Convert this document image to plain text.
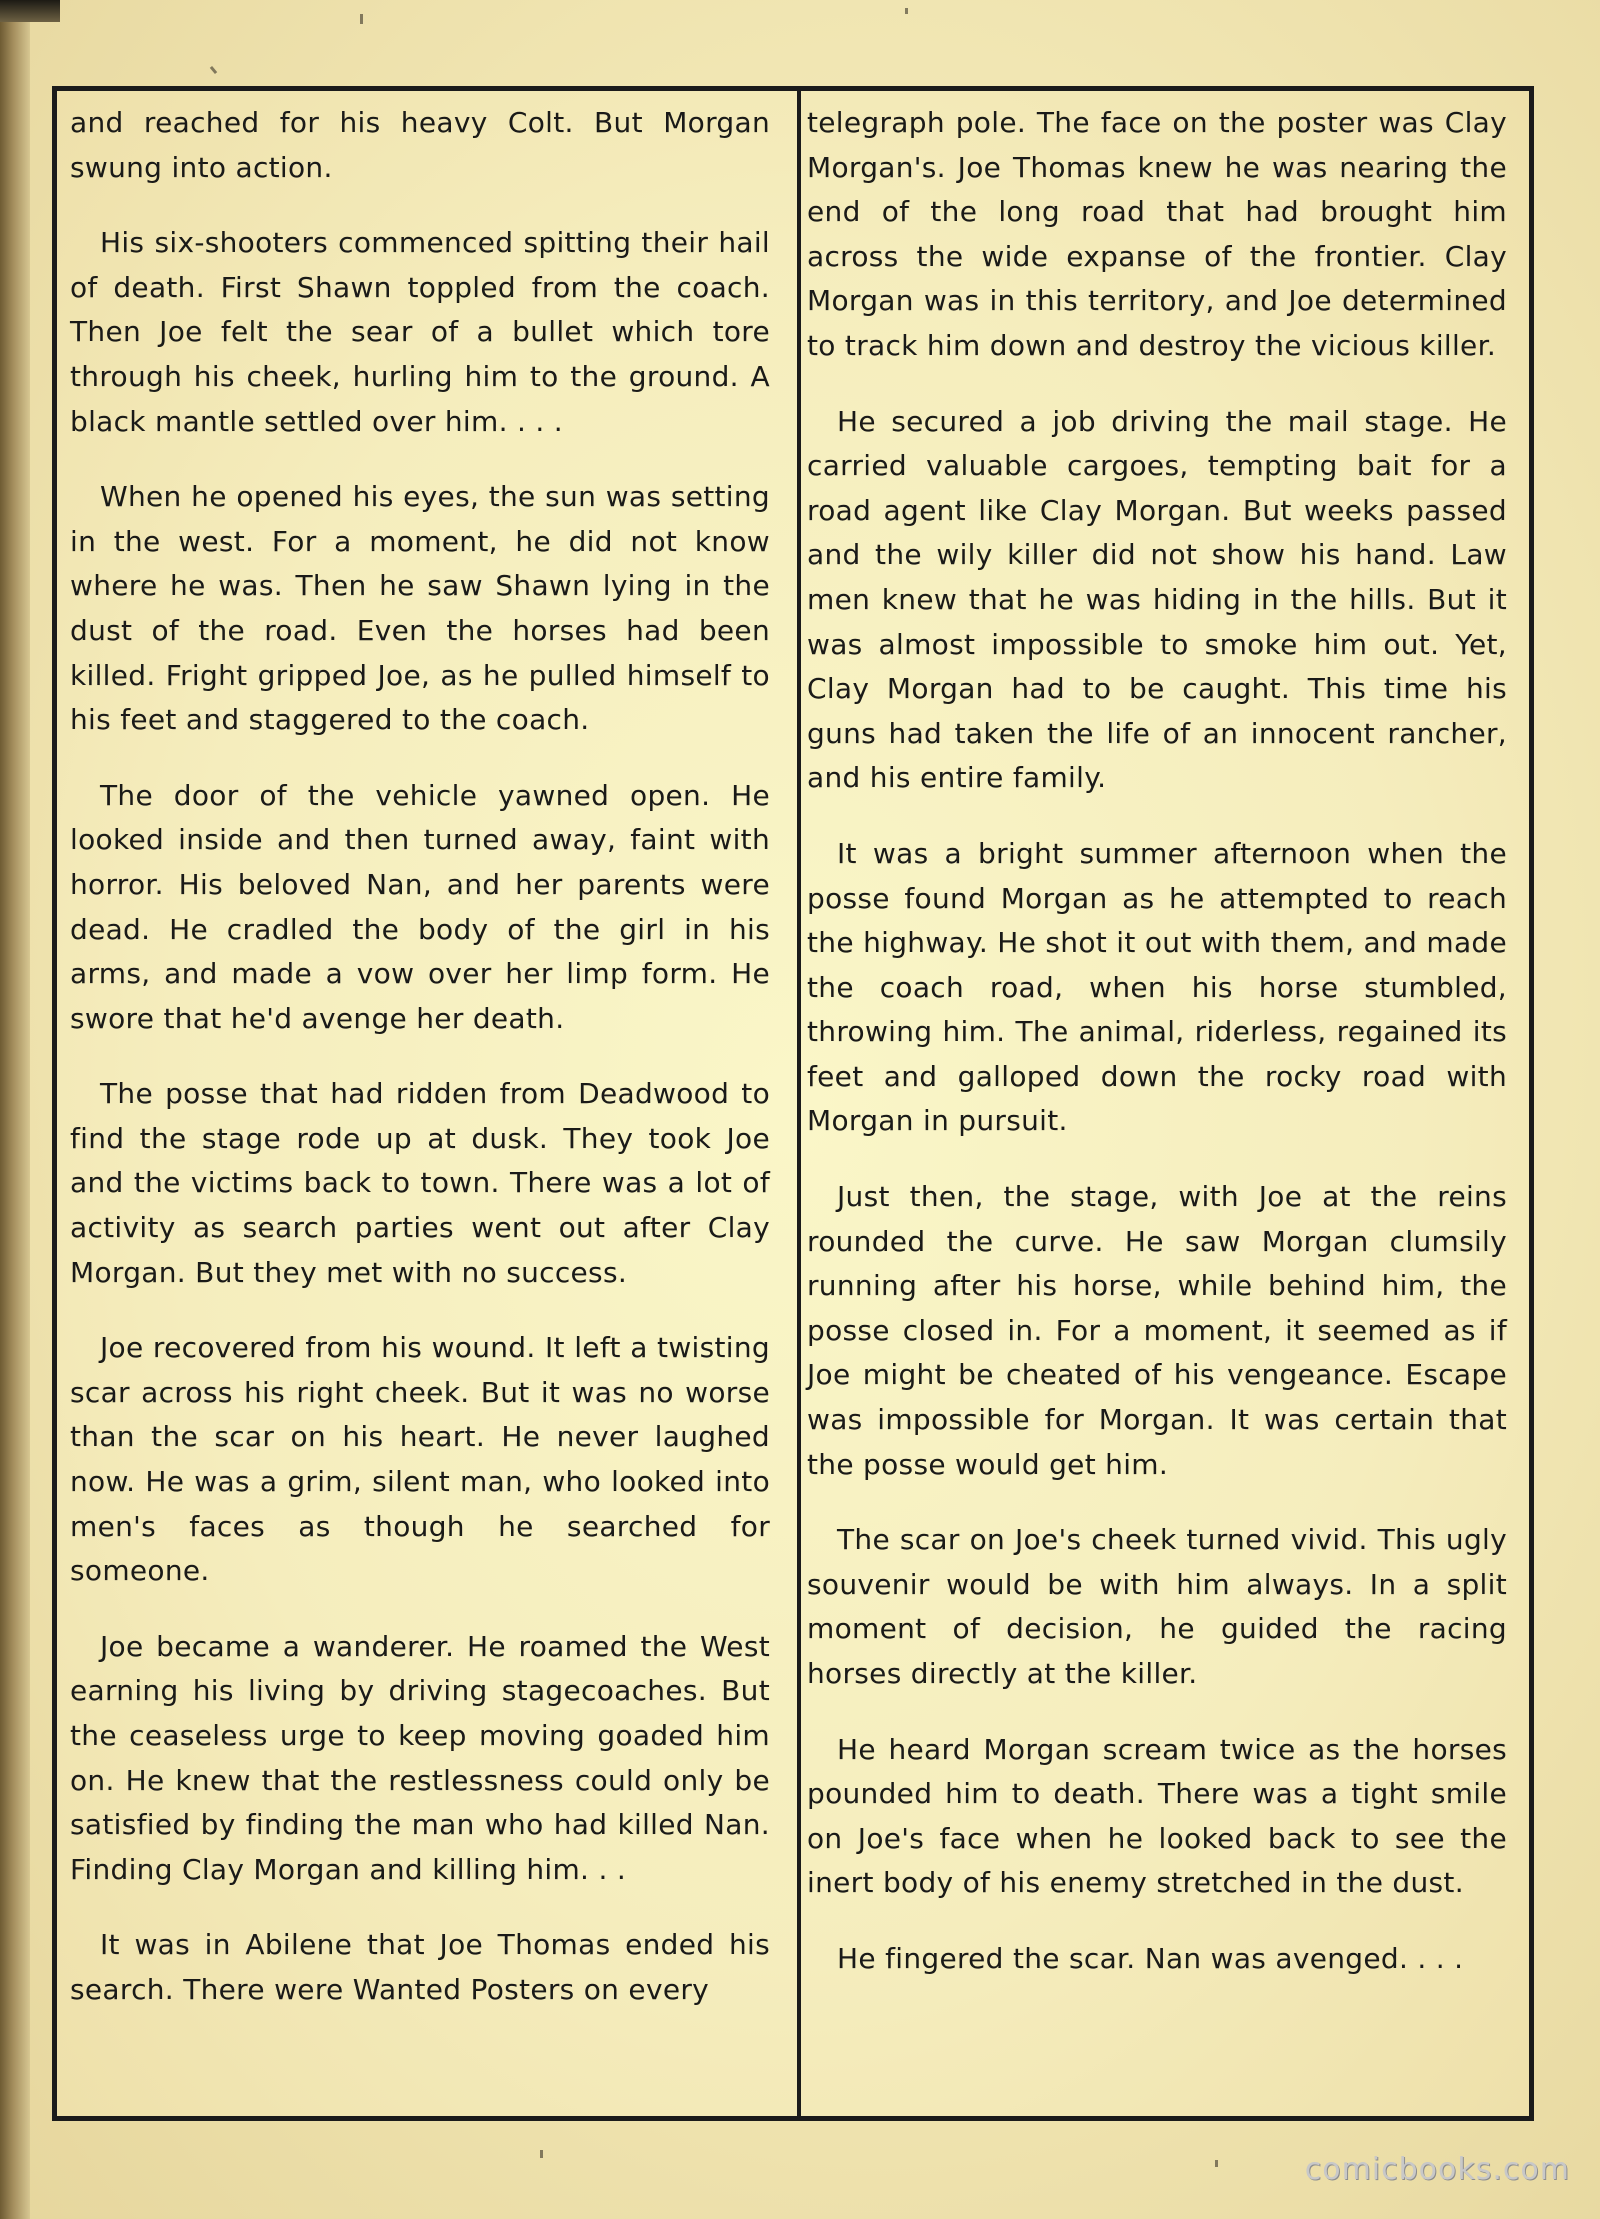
and reached for his heavy Colt. But Morgan swung into action.

His six-shooters commenced spitting their hail of death. First Shawn toppled from the coach. Then Joe felt the sear of a bullet which tore through his cheek, hurling him to the ground. A black mantle settled over him. . . .

When he opened his eyes, the sun was setting in the west. For a moment, he did not know where he was. Then he saw Shawn lying in the dust of the road. Even the horses had been killed. Fright gripped Joe, as he pulled himself to his feet and staggered to the coach.

The door of the vehicle yawned open. He looked inside and then turned away, faint with horror. His beloved Nan, and her parents were dead. He cradled the body of the girl in his arms, and made a vow over her limp form. He swore that he'd avenge her death.

The posse that had ridden from Deadwood to find the stage rode up at dusk. They took Joe and the victims back to town. There was a lot of activity as search parties went out after Clay Morgan. But they met with no success.

Joe recovered from his wound. It left a twisting scar across his right cheek. But it was no worse than the scar on his heart. He never laughed now. He was a grim, silent man, who looked into men's faces as though he searched for someone.

Joe became a wanderer. He roamed the West earning his living by driving stagecoaches. But the ceaseless urge to keep moving goaded him on. He knew that the restlessness could only be satisfied by finding the man who had killed Nan. Finding Clay Morgan and killing him. . .

It was in Abilene that Joe Thomas ended his search. There were Wanted Posters on every

telegraph pole. The face on the poster was Clay Morgan's. Joe Thomas knew he was nearing the end of the long road that had brought him across the wide expanse of the frontier. Clay Morgan was in this territory, and Joe determined to track him down and destroy the vicious killer.

He secured a job driving the mail stage. He carried valuable cargoes, tempting bait for a road agent like Clay Morgan. But weeks passed and the wily killer did not show his hand. Law men knew that he was hiding in the hills. But it was almost impossible to smoke him out. Yet, Clay Morgan had to be caught. This time his guns had taken the life of an innocent rancher, and his entire family.

It was a bright summer afternoon when the posse found Morgan as he attempted to reach the highway. He shot it out with them, and made the coach road, when his horse stumbled, throwing him. The animal, riderless, regained its feet and galloped down the rocky road with Morgan in pursuit.

Just then, the stage, with Joe at the reins rounded the curve. He saw Morgan clumsily running after his horse, while behind him, the posse closed in. For a moment, it seemed as if Joe might be cheated of his vengeance. Escape was impossible for Morgan. It was certain that the posse would get him.

The scar on Joe's cheek turned vivid. This ugly souvenir would be with him always. In a split moment of decision, he guided the racing horses directly at the killer.

He heard Morgan scream twice as the horses pounded him to death. There was a tight smile on Joe's face when he looked back to see the inert body of his enemy stretched in the dust.

He fingered the scar. Nan was avenged. . . .

comicbooks.com
